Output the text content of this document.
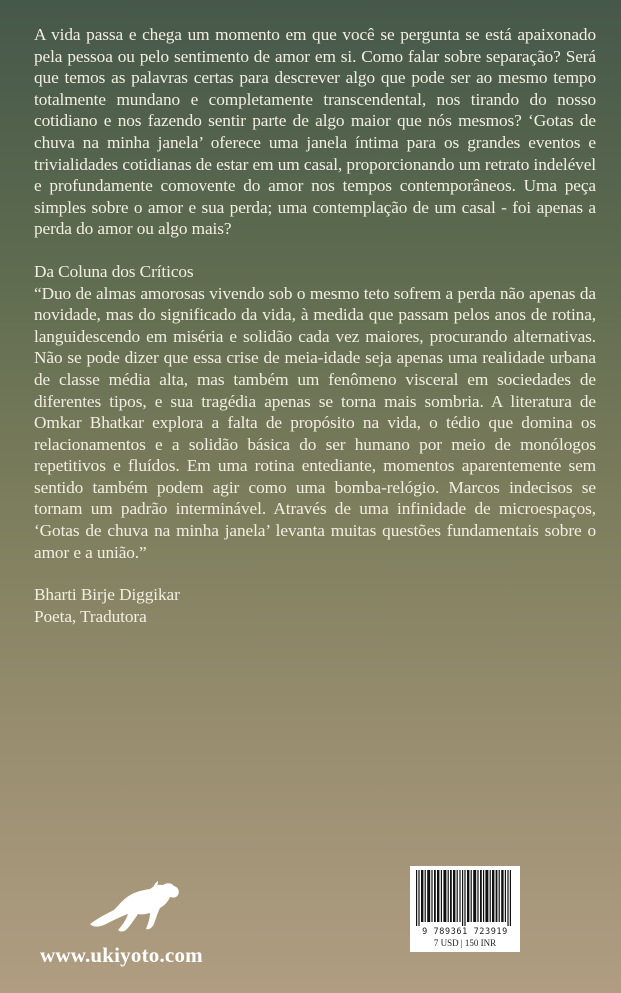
A vida passa e chega um momento em que você se pergunta se está apaixonado pela pessoa ou pelo sentimento de amor em si. Como falar sobre separação? Será que temos as palavras certas para descrever algo que pode ser ao mesmo tempo totalmente mundano e completamente transcendental, nos tirando do nosso cotidiano e nos fazendo sentir parte de algo maior que nós mesmos? ‘Gotas de chuva na minha janela’ oferece uma janela íntima para os grandes eventos e trivialidades cotidianas de estar em um casal, proporcionando um retrato indelével e profundamente comovente do amor nos tempos contemporâneos. Uma peça simples sobre o amor e sua perda; uma contemplação de um casal - foi apenas a perda do amor ou algo mais?

Da Coluna dos Críticos

“Duo de almas amorosas vivendo sob o mesmo teto sofrem a perda não apenas da novidade, mas do significado da vida, à medida que passam pelos anos de rotina, languidescendo em miséria e solidão cada vez maiores, procurando alternativas. Não se pode dizer que essa crise de meia-idade seja apenas uma realidade urbana de classe média alta, mas também um fenômeno visceral em sociedades de diferentes tipos, e sua tragédia apenas se torna mais sombria. A literatura de Omkar Bhatkar explora a falta de propósito na vida, o tédio que domina os relacionamentos e a solidão básica do ser humano por meio de monólogos repetitivos e fluídos. Em uma rotina entediante, momentos aparentemente sem sentido também podem agir como uma bomba-relógio. Marcos indecisos se tornam um padrão interminável. Através de uma infinidade de microespaços, ‘Gotas de chuva na minha janela’ levanta muitas questões fundamentais sobre o amor e a união.”

Bharti Birje Diggikar
Poeta, Tradutora
www.ukiyoto.com
9 789361 723919
7 USD | 150 INR
